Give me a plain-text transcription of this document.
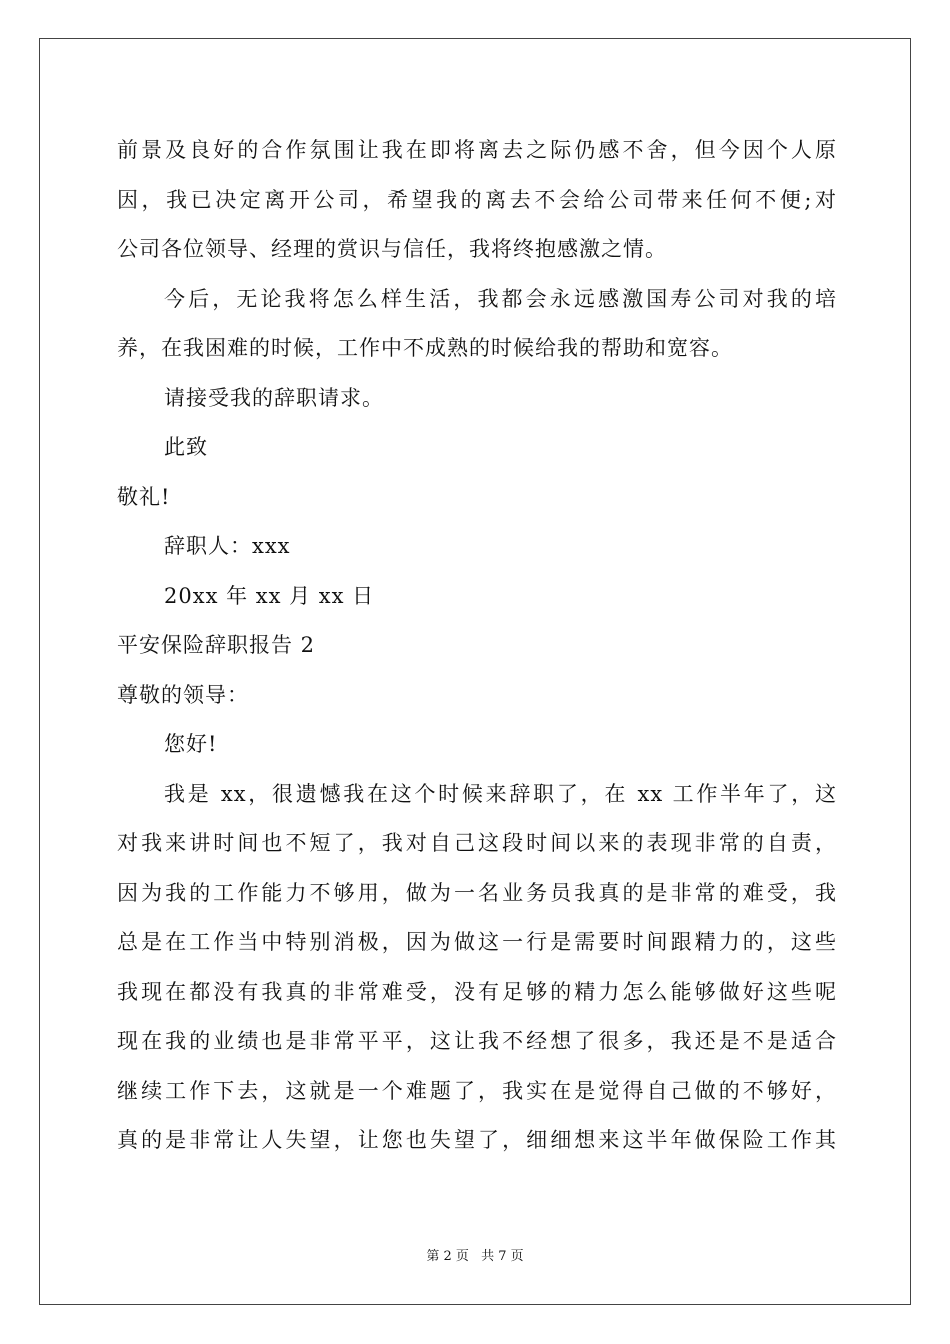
前景及良好的合作氛围让我在即将离去之际仍感不舍，但今因个人原
因，我已决定离开公司，希望我的离去不会给公司带来任何不便;对
公司各位领导、经理的赏识与信任，我将终抱感激之情。
今后，无论我将怎么样生活，我都会永远感激国寿公司对我的培
养，在我困难的时候，工作中不成熟的时候给我的帮助和宽容。
请接受我的辞职请求。
此致
敬礼!
辞职人：xxx
20xx 年 xx 月 xx 日
平安保险辞职报告 2
尊敬的领导：
您好!
我是 xx，很遗憾我在这个时候来辞职了，在 xx 工作半年了，这
对我来讲时间也不短了，我对自己这段时间以来的表现非常的自责，
因为我的工作能力不够用，做为一名业务员我真的是非常的难受，我
总是在工作当中特别消极，因为做这一行是需要时间跟精力的，这些
我现在都没有我真的非常难受，没有足够的精力怎么能够做好这些呢
现在我的业绩也是非常平平，这让我不经想了很多，我还是不是适合
继续工作下去，这就是一个难题了，我实在是觉得自己做的不够好，
真的是非常让人失望，让您也失望了，细细想来这半年做保险工作其
第 2 页 共 7 页
